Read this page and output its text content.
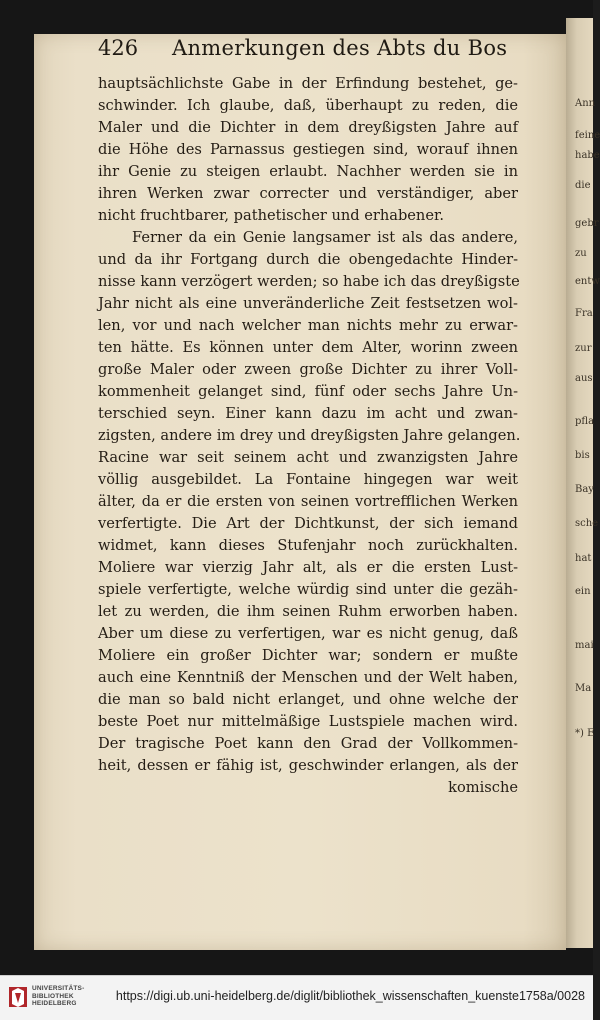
Ann
feine
habe
die
gebr
zu
entw
Fra
zur
aus
pfla
bis
Bay
sche
hat
ein
mai
Ma
*) E
426 Anmerkungen des Abts du Bos
hauptsächlichste Gabe in der Erfindung bestehet, ge-
schwinder. Ich glaube, daß, überhaupt zu reden, die
Maler und die Dichter in dem dreyßigsten Jahre auf
die Höhe des Parnassus gestiegen sind, worauf ihnen
ihr Genie zu steigen erlaubt. Nachher werden sie in
ihren Werken zwar correcter und verständiger, aber
nicht fruchtbarer, pathetischer und erhabener.
Ferner da ein Genie langsamer ist als das andere,
und da ihr Fortgang durch die obengedachte Hinder-
nisse kann verzögert werden; so habe ich das dreyßigste
Jahr nicht als eine unveränderliche Zeit festsetzen wol-
len, vor und nach welcher man nichts mehr zu erwar-
ten hätte. Es können unter dem Alter, worinn zween
große Maler oder zween große Dichter zu ihrer Voll-
kommenheit gelanget sind, fünf oder sechs Jahre Un-
terschied seyn. Einer kann dazu im acht und zwan-
zigsten, andere im drey und dreyßigsten Jahre gelangen.
Racine war seit seinem acht und zwanzigsten Jahre
völlig ausgebildet. La Fontaine hingegen war weit
älter, da er die ersten von seinen vortrefflichen Werken
verfertigte. Die Art der Dichtkunst, der sich iemand
widmet, kann dieses Stufenjahr noch zurückhalten.
Moliere war vierzig Jahr alt, als er die ersten Lust-
spiele verfertigte, welche würdig sind unter die gezäh-
let zu werden, die ihm seinen Ruhm erworben haben.
Aber um diese zu verfertigen, war es nicht genug, daß
Moliere ein großer Dichter war; sondern er mußte
auch eine Kenntniß der Menschen und der Welt haben,
die man so bald nicht erlanget, und ohne welche der
beste Poet nur mittelmäßige Lustspiele machen wird.
Der tragische Poet kann den Grad der Vollkommen-
heit, dessen er fähig ist, geschwinder erlangen, als der
komische
UNIVERSITÄTS-
BIBLIOTHEK
HEIDELBERG
https://digi.ub.uni-heidelberg.de/diglit/bibliothek_wissenschaften_kuenste1758a/0028
